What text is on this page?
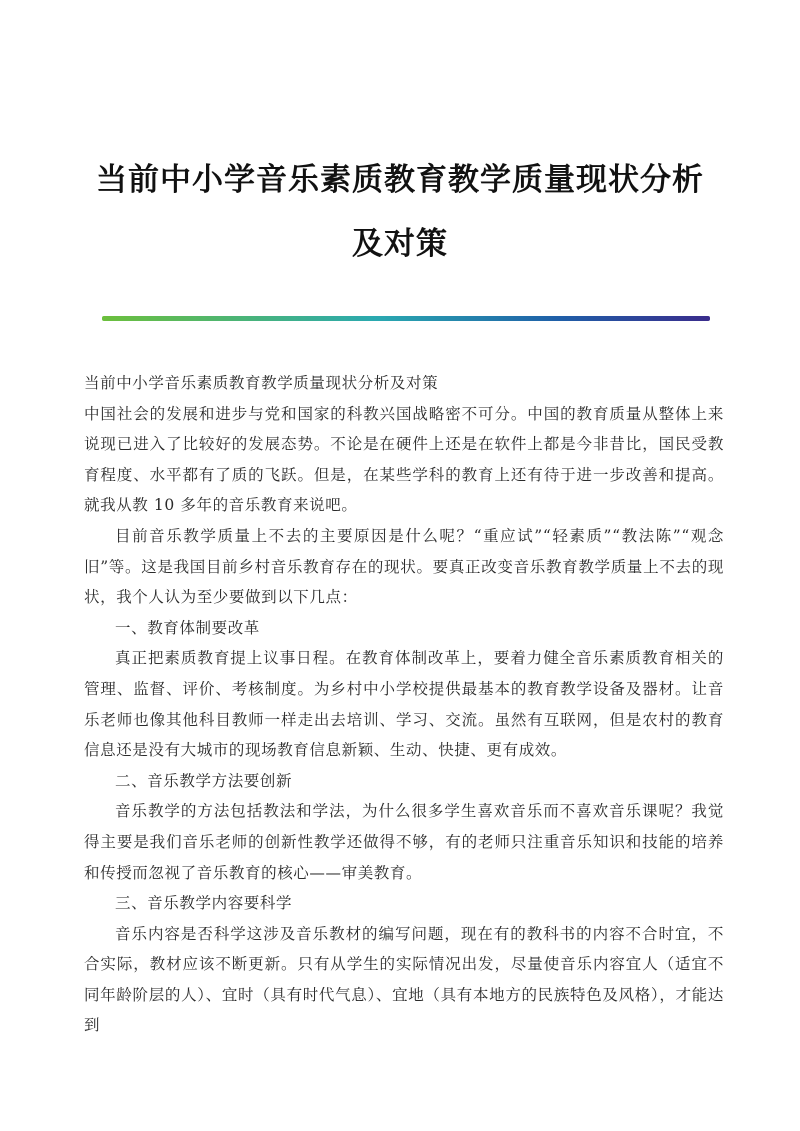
当前中小学音乐素质教育教学质量现状分析
及对策

当前中小学音乐素质教育教学质量现状分析及对策

中国社会的发展和进步与党和国家的科教兴国战略密不可分。中国的教育质量从整体上来说现已进入了比较好的发展态势。不论是在硬件上还是在软件上都是今非昔比，国民受教育程度、水平都有了质的飞跃。但是，在某些学科的教育上还有待于进一步改善和提高。就我从教 10 多年的音乐教育来说吧。

目前音乐教学质量上不去的主要原因是什么呢？“重应试”“轻素质”“教法陈”“观念旧”等。这是我国目前乡村音乐教育存在的现状。要真正改变音乐教育教学质量上不去的现状，我个人认为至少要做到以下几点：

一、教育体制要改革

真正把素质教育提上议事日程。在教育体制改革上，要着力健全音乐素质教育相关的管理、监督、评价、考核制度。为乡村中小学校提供最基本的教育教学设备及器材。让音乐老师也像其他科目教师一样走出去培训、学习、交流。虽然有互联网，但是农村的教育信息还是没有大城市的现场教育信息新颖、生动、快捷、更有成效。

二、音乐教学方法要创新

音乐教学的方法包括教法和学法，为什么很多学生喜欢音乐而不喜欢音乐课呢？我觉得主要是我们音乐老师的创新性教学还做得不够，有的老师只注重音乐知识和技能的培养和传授而忽视了音乐教育的核心——审美教育。

三、音乐教学内容要科学

音乐内容是否科学这涉及音乐教材的编写问题，现在有的教科书的内容不合时宜，不合实际，教材应该不断更新。只有从学生的实际情况出发，尽量使音乐内容宜人（适宜不同年龄阶层的人）、宜时（具有时代气息）、宜地（具有本地方的民族特色及风格），才能达到
